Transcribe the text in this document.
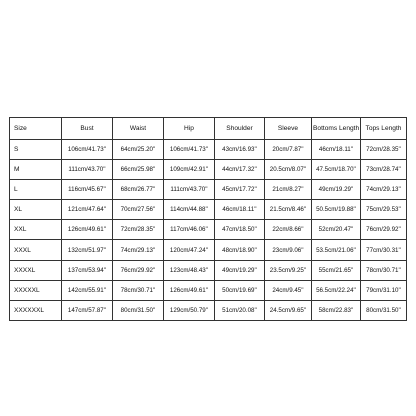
Size	Bust	Waist	Hip	Shoulder	Sleeve	Bottoms Length	Tops Length
S	106cm/41.73''	64cm/25.20''	106cm/41.73''	43cm/16.93''	20cm/7.87''	46cm/18.11''	72cm/28.35''
M	111cm/43.70''	66cm/25.98''	109cm/42.91''	44cm/17.32''	20.5cm/8.07''	47.5cm/18.70''	73cm/28.74''
L	116cm/45.67''	68cm/26.77''	111cm/43.70''	45cm/17.72''	21cm/8.27''	49cm/19.29''	74cm/29.13''
XL	121cm/47.64''	70cm/27.56''	114cm/44.88''	46cm/18.11''	21.5cm/8.46''	50.5cm/19.88''	75cm/29.53''
XXL	126cm/49.61''	72cm/28.35''	117cm/46.06''	47cm/18.50''	22cm/8.66''	52cm/20.47''	76cm/29.92''
XXXL	132cm/51.97''	74cm/29.13''	120cm/47.24''	48cm/18.90''	23cm/9.06''	53.5cm/21.06''	77cm/30.31''
XXXXL	137cm/53.94''	76cm/29.92''	123cm/48.43''	49cm/19.29''	23.5cm/9.25''	55cm/21.65''	78cm/30.71''
XXXXXL	142cm/55.91''	78cm/30.71''	126cm/49.61''	50cm/19.69''	24cm/9.45''	56.5cm/22.24''	79cm/31.10''
XXXXXXL	147cm/57.87''	80cm/31.50''	129cm/50.79''	51cm/20.08''	24.5cm/9.65''	58cm/22.83''	80cm/31.50''
